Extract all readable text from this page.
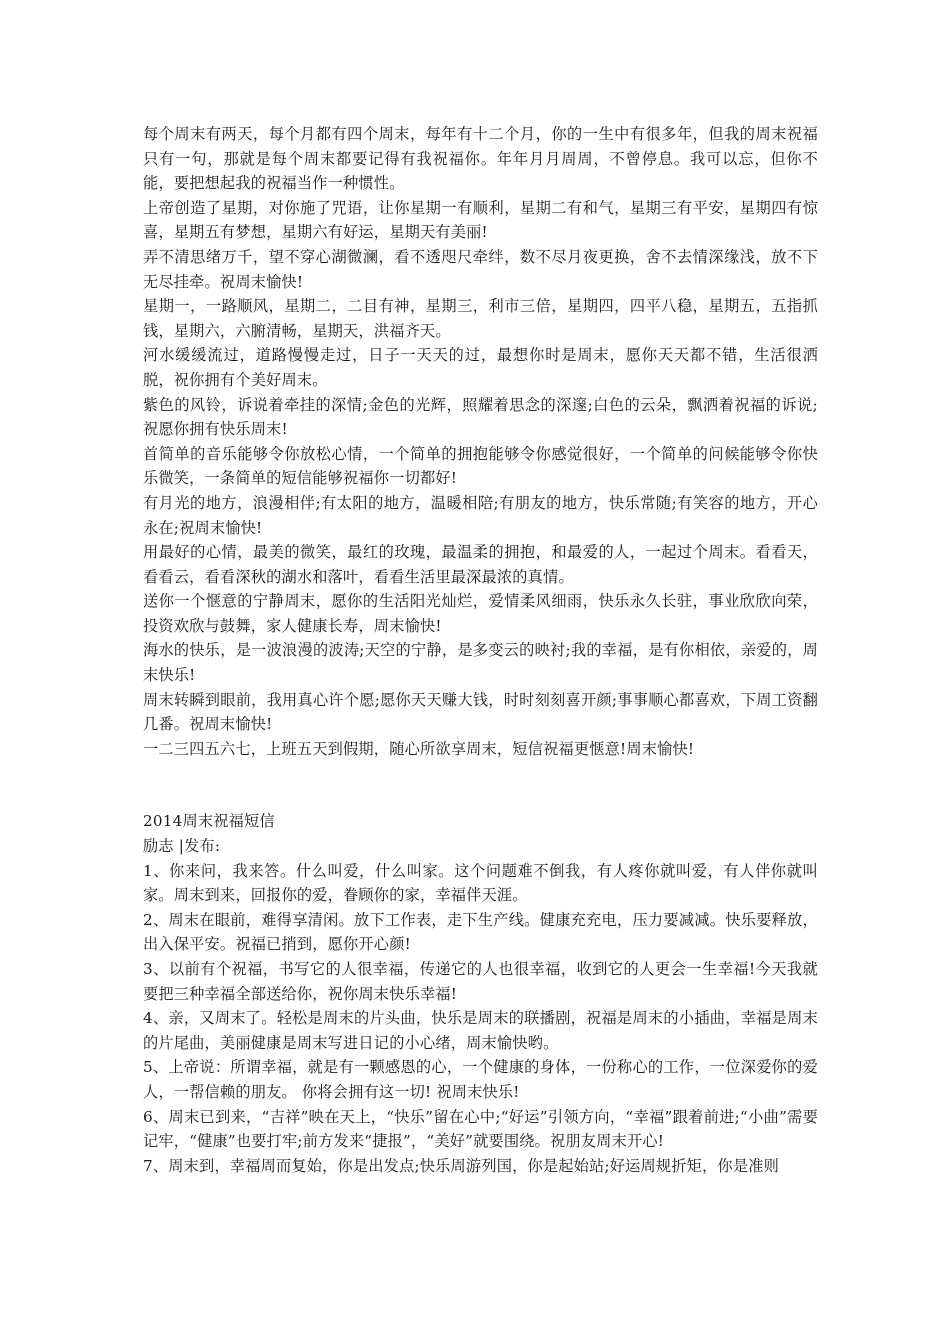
每个周末有两天，每个月都有四个周末，每年有十二个月，你的一生中有很多年，但我的周末祝福只有一句，那就是每个周末都要记得有我祝福你。年年月月周周，不曾停息。我可以忘，但你不能，要把想起我的祝福当作一种惯性。

上帝创造了星期，对你施了咒语，让你星期一有顺利，星期二有和气，星期三有平安，星期四有惊喜，星期五有梦想，星期六有好运，星期天有美丽!

弄不清思绪万千，望不穿心湖微澜，看不透咫尺牵绊，数不尽月夜更换，舍不去情深缘浅，放不下无尽挂牵。祝周末愉快!

星期一，一路顺风，星期二，二目有神，星期三，利市三倍，星期四，四平八稳，星期五，五指抓钱，星期六，六腑清畅，星期天，洪福齐天。

河水缓缓流过，道路慢慢走过，日子一天天的过，最想你时是周末，愿你天天都不错，生活很洒脱，祝你拥有个美好周末。

紫色的风铃，诉说着牵挂的深情;金色的光辉，照耀着思念的深邃;白色的云朵，飘洒着祝福的诉说;祝愿你拥有快乐周末!

首简单的音乐能够令你放松心情，一个简单的拥抱能够令你感觉很好，一个简单的问候能够令你快乐微笑，一条简单的短信能够祝福你一切都好!

有月光的地方，浪漫相伴;有太阳的地方，温暖相陪;有朋友的地方，快乐常随;有笑容的地方，开心永在;祝周末愉快!

用最好的心情，最美的微笑，最红的玫瑰，最温柔的拥抱，和最爱的人，一起过个周末。看看天，看看云，看看深秋的湖水和落叶，看看生活里最深最浓的真情。

送你一个惬意的宁静周末，愿你的生活阳光灿烂，爱情柔风细雨，快乐永久长驻，事业欣欣向荣，投资欢欣与鼓舞，家人健康长寿，周末愉快!

海水的快乐，是一波浪漫的波涛;天空的宁静，是多变云的映衬;我的幸福，是有你相依，亲爱的，周末快乐!

周末转瞬到眼前，我用真心许个愿;愿你天天赚大钱，时时刻刻喜开颜;事事顺心都喜欢，下周工资翻几番。祝周末愉快!

一二三四五六七，上班五天到假期，随心所欲享周末，短信祝福更惬意!周末愉快!

2014周末祝福短信

励志 |发布:

1、你来问，我来答。什么叫爱，什么叫家。这个问题难不倒我，有人疼你就叫爱，有人伴你就叫家。周末到来，回报你的爱，眷顾你的家，幸福伴天涯。

2、周末在眼前，难得享清闲。放下工作表，走下生产线。健康充充电，压力要减减。快乐要释放，出入保平安。祝福已捎到，愿你开心颜!

3、以前有个祝福，书写它的人很幸福，传递它的人也很幸福，收到它的人更会一生幸福!今天我就要把三种幸福全部送给你，祝你周末快乐幸福!

4、亲，又周末了。轻松是周末的片头曲，快乐是周末的联播剧，祝福是周末的小插曲，幸福是周末的片尾曲，美丽健康是周末写进日记的小心绪，周末愉快哟。

5、上帝说：所谓幸福，就是有一颗感恩的心，一个健康的身体，一份称心的工作，一位深爱你的爱人，一帮信赖的朋友。 你将会拥有这一切! 祝周末快乐!

6、周末已到来，“吉祥”映在天上，“快乐”留在心中;“好运”引领方向，“幸福”跟着前进;“小曲”需要记牢，“健康”也要打牢;前方发来“捷报”，“美好”就要围绕。祝朋友周末开心!

7、周末到，幸福周而复始，你是出发点;快乐周游列国，你是起始站;好运周规折矩，你是准则
